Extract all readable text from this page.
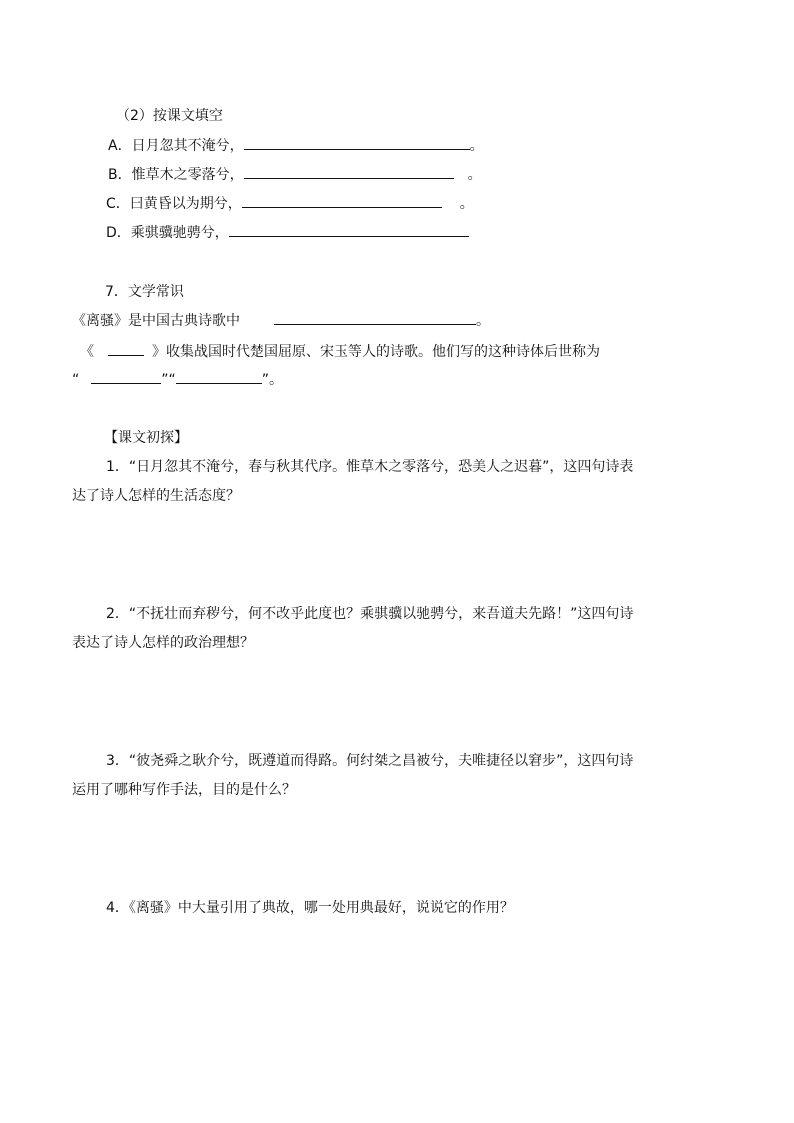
（2）按课文填空
A．日月忽其不淹兮，	。
B．惟草木之零落兮，	。
C．曰黄昏以为期兮，	。
D．乘骐骥驰骋兮，
7．文学常识
《离骚》是中国古典诗歌中	。
《	》收集战国时代楚国屈原、宋玉等人的诗歌。他们写的这种诗体后世称为
“	”“	”。
【课文初探】
1．“日月忽其不淹兮，春与秋其代序。惟草木之零落兮，恐美人之迟暮”，这四句诗表
达了诗人怎样的生活态度？
2．“不抚壮而弃秽兮，何不改乎此度也？乘骐骥以驰骋兮，来吾道夫先路！”这四句诗
表达了诗人怎样的政治理想？
3．“彼尧舜之耿介兮，既遵道而得路。何纣桀之昌被兮，夫唯捷径以窘步”，这四句诗
运用了哪种写作手法，目的是什么？
4．《离骚》中大量引用了典故，哪一处用典最好，说说它的作用？
